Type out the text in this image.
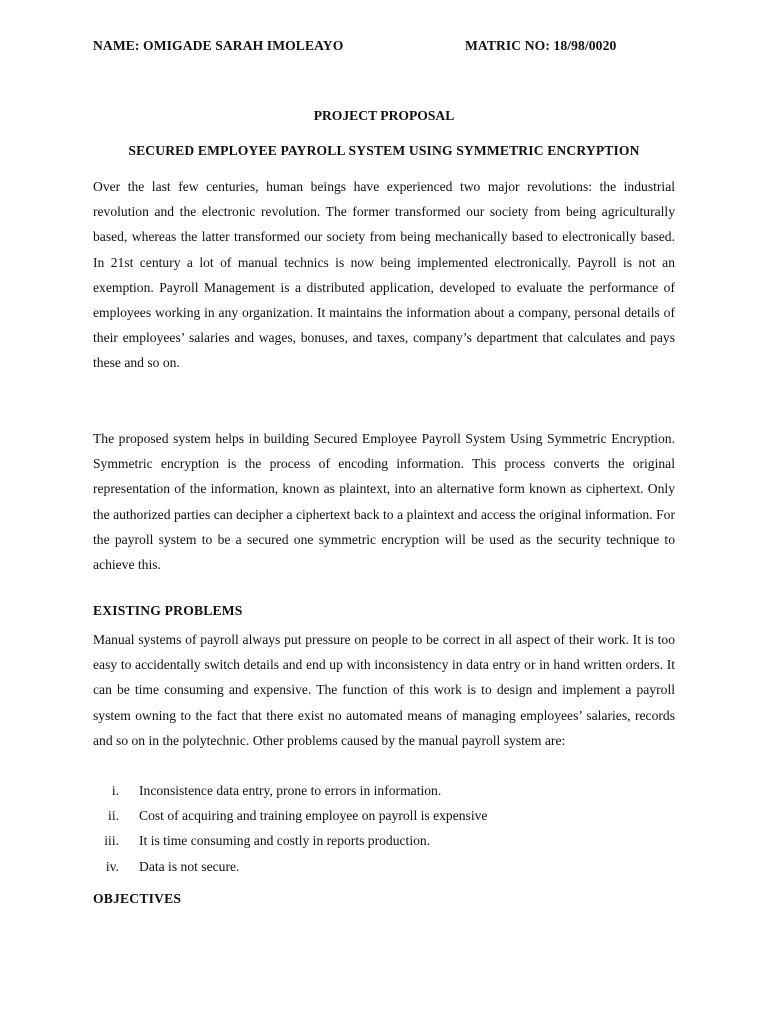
NAME: OMIGADE SARAH IMOLEAYO	MATRIC NO: 18/98/0020
PROJECT PROPOSAL
SECURED EMPLOYEE PAYROLL SYSTEM USING SYMMETRIC ENCRYPTION

Over the last few centuries, human beings have experienced two major revolutions: the industrial revolution and the electronic revolution. The former transformed our society from being agriculturally based, whereas the latter transformed our society from being mechanically based to electronically based. In 21st century a lot of manual technics is now being implemented electronically. Payroll is not an exemption. Payroll Management is a distributed application, developed to evaluate the performance of employees working in any organization. It maintains the information about a company, personal details of their employees’ salaries and wages, bonuses, and taxes, company’s department that calculates and pays these and so on.

The proposed system helps in building Secured Employee Payroll System Using Symmetric Encryption. Symmetric encryption is the process of encoding information. This process converts the original representation of the information, known as plaintext, into an alternative form known as ciphertext. Only the authorized parties can decipher a ciphertext back to a plaintext and access the original information. For the payroll system to be a secured one symmetric encryption will be used as the security technique to achieve this.

EXISTING PROBLEMS

Manual systems of payroll always put pressure on people to be correct in all aspect of their work. It is too easy to accidentally switch details and end up with inconsistency in data entry or in hand written orders. It can be time consuming and expensive. The function of this work is to design and implement a payroll system owning to the fact that there exist no automated means of managing employees’ salaries, records and so on in the polytechnic. Other problems caused by the manual payroll system are:

i. Inconsistence data entry, prone to errors in information.
ii. Cost of acquiring and training employee on payroll is expensive
iii. It is time consuming and costly in reports production.
iv. Data is not secure.
OBJECTIVES
